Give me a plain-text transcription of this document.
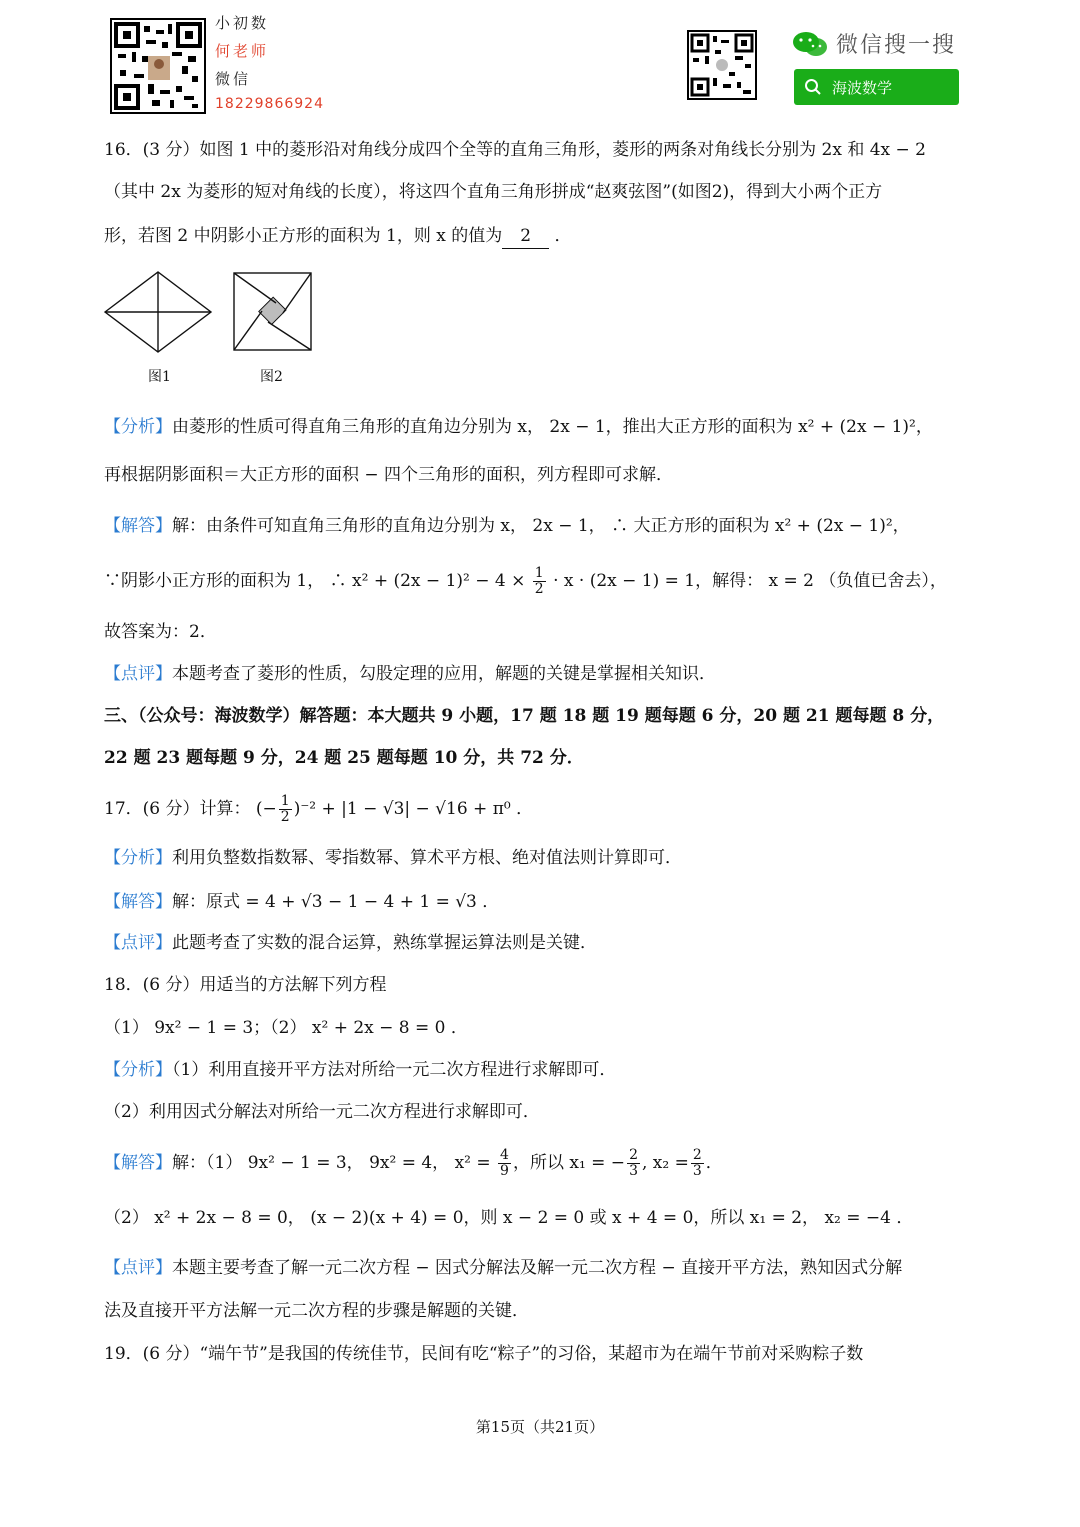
小初数
何老师
微信
18229866924
微信搜一搜
海波数学
16．(3 分）如图 1 中的菱形沿对角线分成四个全等的直角三角形，菱形的两条对角线长分别为 2x 和 4x − 2
（其中 2x 为菱形的短对角线的长度），将这四个直角三角形拼成“赵爽弦图”(如图2)，得到大小两个正方
形，若图 2 中阴影小正方形的面积为 1，则 x 的值为 2 ．
图1	图2
【分析】由菱形的性质可得直角三角形的直角边分别为 x， 2x − 1，推出大正方形的面积为 x² + (2x − 1)²，
再根据阴影面积＝大正方形的面积 − 四个三角形的面积，列方程即可求解．
【解答】解：由条件可知直角三角形的直角边分别为 x， 2x − 1， ∴ 大正方形的面积为 x² + (2x − 1)²，
∵阴影小正方形的面积为 1， ∴ $x^2 + (2x - 1)^2 - 4 \times \frac{1}{2} \cdot x \cdot (2x - 1) = 1$，解得： x = 2 （负值已舍去），
故答案为：2．
【点评】本题考查了菱形的性质，勾股定理的应用，解题的关键是掌握相关知识．
三、（公众号：海波数学）解答题：本大题共 9 小题，17 题 18 题 19 题每题 6 分，20 题 21 题每题 8 分，
22 题 23 题每题 9 分，24 题 25 题每题 10 分，共 72 分．
17．(6 分）计算： (− $\frac{1}{2} )^{-2} + |1 - √3| - √16 + \pi^0$ ．
【分析】利用负整数指数幂、零指数幂、算术平方根、绝对值法则计算即可．
【解答】解：原式 = 4 + √3 − 1 − 4 + 1 = √3 ．
【点评】此题考查了实数的混合运算，熟练掌握运算法则是关键．
18．(6 分）用适当的方法解下列方程
（1） 9x² − 1 = 3；（2） x² + 2x − 8 = 0 ．
【分析】（1）利用直接开平方法对所给一元二次方程进行求解即可．
（2）利用因式分解法对所给一元二次方程进行求解即可．
【解答】解：（1） 9x² − 1 = 3， 9x² = 4， $x^2 = \frac{4}{9}$ ，所以 x₁ = − $\frac{2}{3}$ , $x_2 = \frac{2}{3}$ ．
（2） x² + 2x − 8 = 0， (x − 2)(x + 4) = 0，则 x − 2 = 0 或 x + 4 = 0，所以 x₁ = 2， x₂ = −4 ．
【点评】本题主要考查了解一元二次方程 − 因式分解法及解一元二次方程 − 直接开平方法，熟知因式分解
法及直接开平方法解一元二次方程的步骤是解题的关键．
19．(6 分）“端午节”是我国的传统佳节，民间有吃“粽子”的习俗，某超市为在端午节前对采购粽子数
第15页（共21页）
